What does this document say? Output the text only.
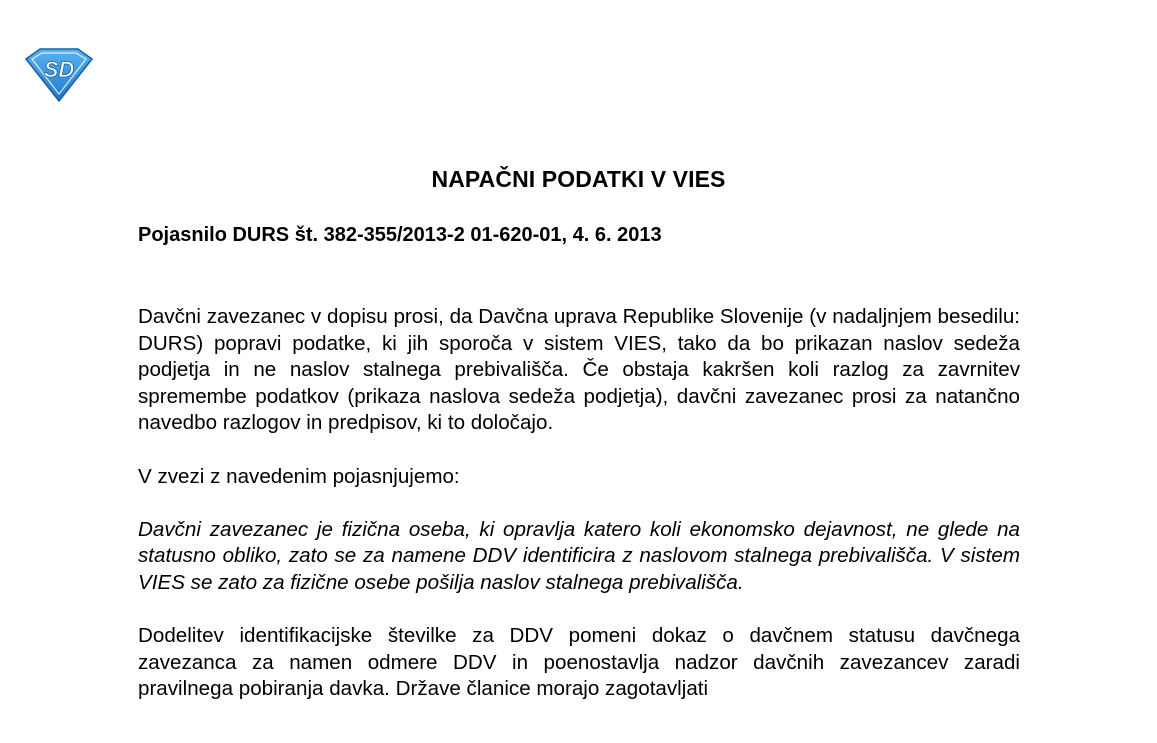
SD
NAPAČNI PODATKI V VIES
Pojasnilo DURS št. 382-355/2013-2 01-620-01, 4. 6. 2013

Davčni zavezanec v dopisu prosi, da Davčna uprava Republike Slovenije (v nadaljnjem besedilu: DURS) popravi podatke, ki jih sporoča v sistem VIES, tako da bo prikazan naslov sedeža podjetja in ne naslov stalnega prebivališča. Če obstaja kakršen koli razlog za zavrnitev spremembe podatkov (prikaza naslova sedeža podjetja), davčni zavezanec prosi za natančno navedbo razlogov in predpisov, ki to določajo.

V zvezi z navedenim pojasnjujemo:

Davčni zavezanec je fizična oseba, ki opravlja katero koli ekonomsko dejavnost, ne glede na statusno obliko, zato se za namene DDV identificira z naslovom stalnega prebivališča. V sistem VIES se zato za fizične osebe pošilja naslov stalnega prebivališča.

Dodelitev identifikacijske številke za DDV pomeni dokaz o davčnem statusu davčnega zavezanca za namen odmere DDV in poenostavlja nadzor davčnih zavezancev zaradi pravilnega pobiranja davka. Države članice morajo zagotavljati
